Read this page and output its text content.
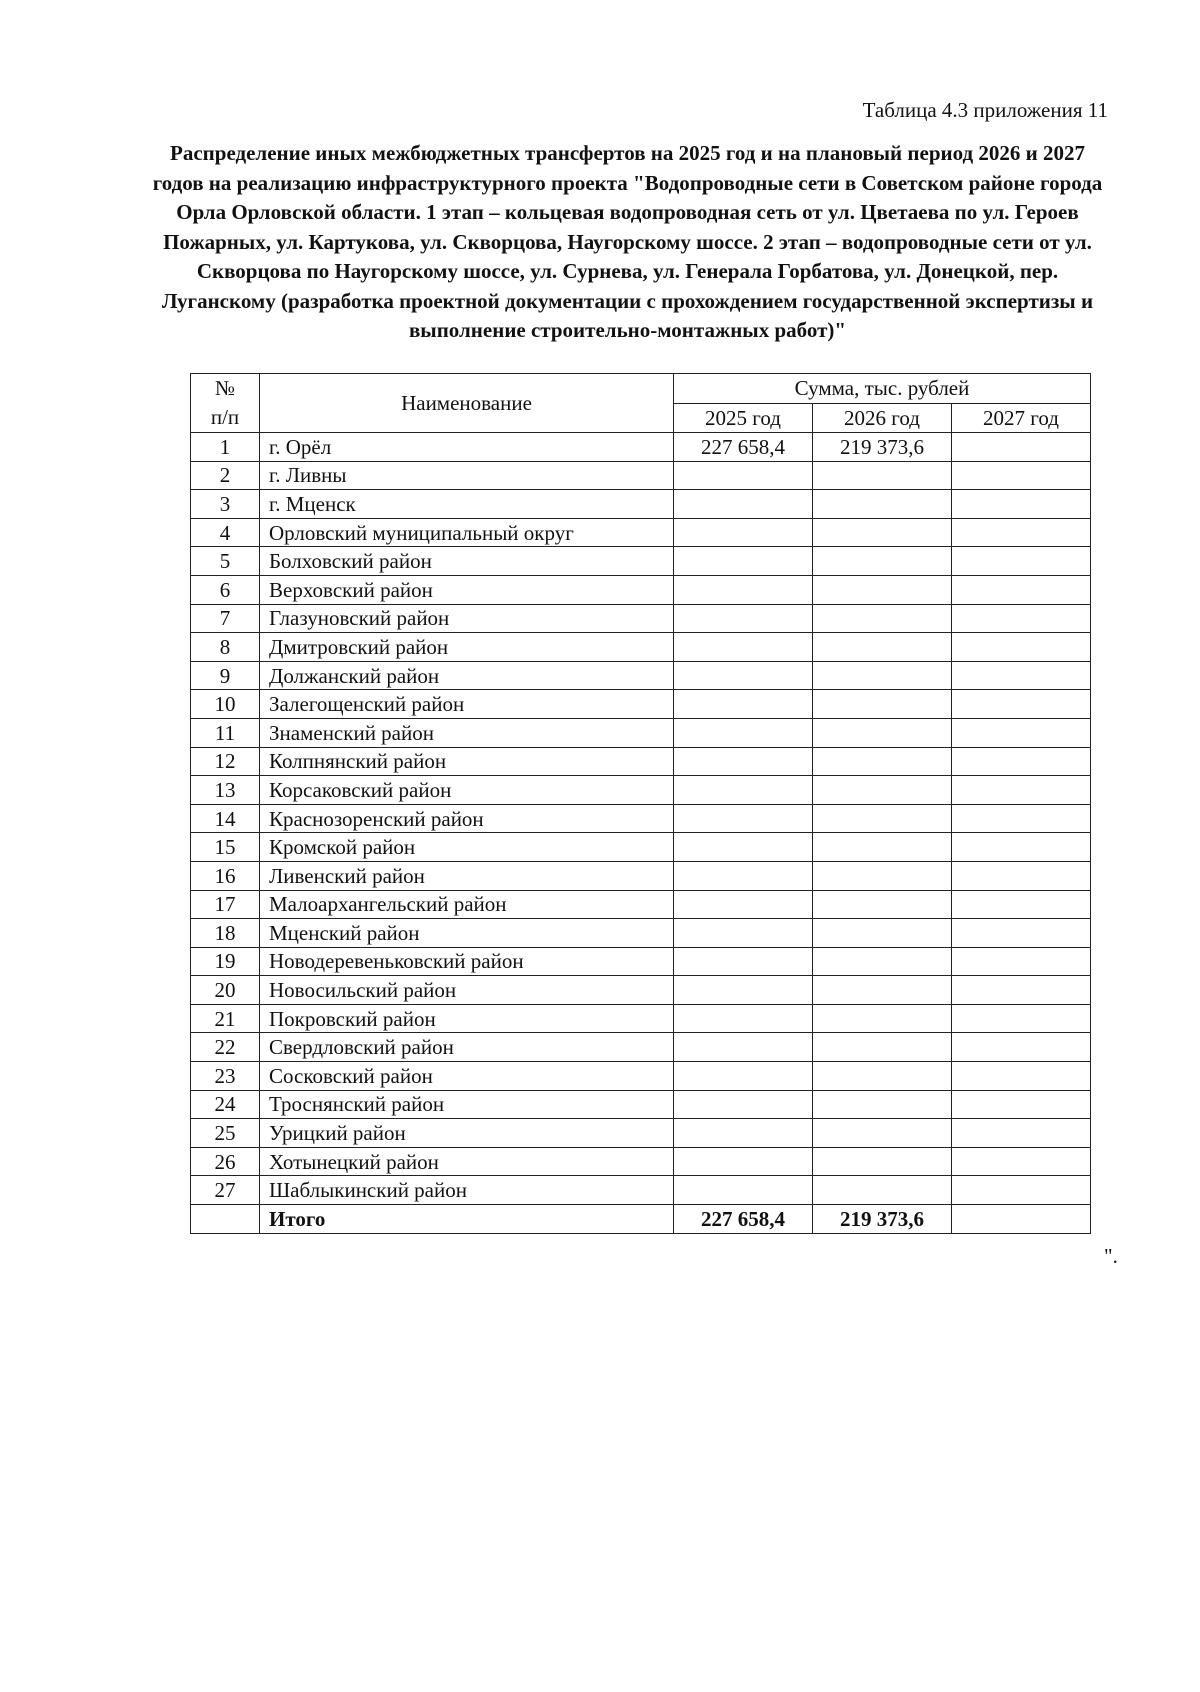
Таблица 4.3 приложения 11
Распределение иных межбюджетных трансфертов на 2025 год и на плановый период 2026 и 2027 годов на реализацию инфраструктурного проекта "Водопроводные сети в Советском районе города Орла Орловской области. 1 этап – кольцевая водопроводная сеть от ул. Цветаева по ул. Героев Пожарных, ул. Картукова, ул. Скворцова, Наугорскому шоссе. 2 этап – водопроводные сети от ул. Скворцова по Наугорскому шоссе, ул. Сурнева, ул. Генерала Горбатова, ул. Донецкой, пер. Луганскому (разработка проектной документации с прохождением государственной экспертизы и выполнение строительно-монтажных работ)"
№
п/п	Наименование	Сумма, тыс. рублей		
		2025 год	2026 год	2027 год
1	г. Орёл	227 658,4	219 373,6	
2	г. Ливны			
3	г. Мценск			
4	Орловский муниципальный округ			
5	Болховский район			
6	Верховский район			
7	Глазуновский район			
8	Дмитровский район			
9	Должанский район			
10	Залегощенский район			
11	Знаменский район			
12	Колпнянский район			
13	Корсаковский район			
14	Краснозоренский район			
15	Кромской район			
16	Ливенский район			
17	Малоархангельский район			
18	Мценский район			
19	Новодеревеньковский район			
20	Новосильский район			
21	Покровский район			
22	Свердловский район			
23	Сосковский район			
24	Троснянский район			
25	Урицкий район			
26	Хотынецкий район			
27	Шаблыкинский район			
	Итого	227 658,4	219 373,6	
".
